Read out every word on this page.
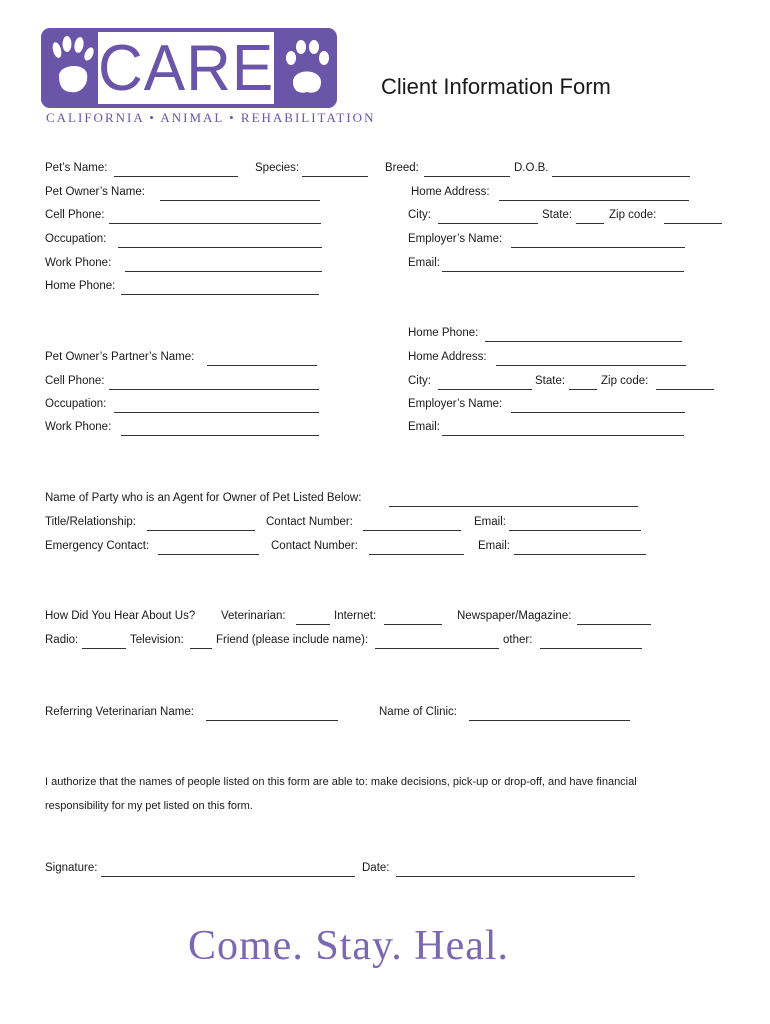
CARE
CALIFORNIA • ANIMAL • REHABILITATION
Client Information Form
Pet’s Name:	Species:	Breed:	D.O.B.
Pet Owner’s Name:	Home Address:
Cell Phone:	City:	State:	Zip code:
Occupation:	Employer’s Name:
Work Phone:	Email:
Home Phone:
Home Phone:
Pet Owner’s Partner’s Name:	Home Address:
Cell Phone:	City:	State:	Zip code:
Occupation:	Employer’s Name:
Work Phone:	Email:
Name of Party who is an Agent for Owner of Pet Listed Below:
Title/Relationship:	Contact Number:	Email:
Emergency Contact:	Contact Number:	Email:
How Did You Hear About Us? Veterinarian:	Internet:	Newspaper/Magazine:
Radio:	Television:	Friend (please include name):	other:
Referring Veterinarian Name:	Name of Clinic:
I authorize that the names of people listed on this form are able to: make decisions, pick-up or drop-off, and have financial
responsibility for my pet listed on this form.
Signature:	Date:
Come. Stay. Heal.
